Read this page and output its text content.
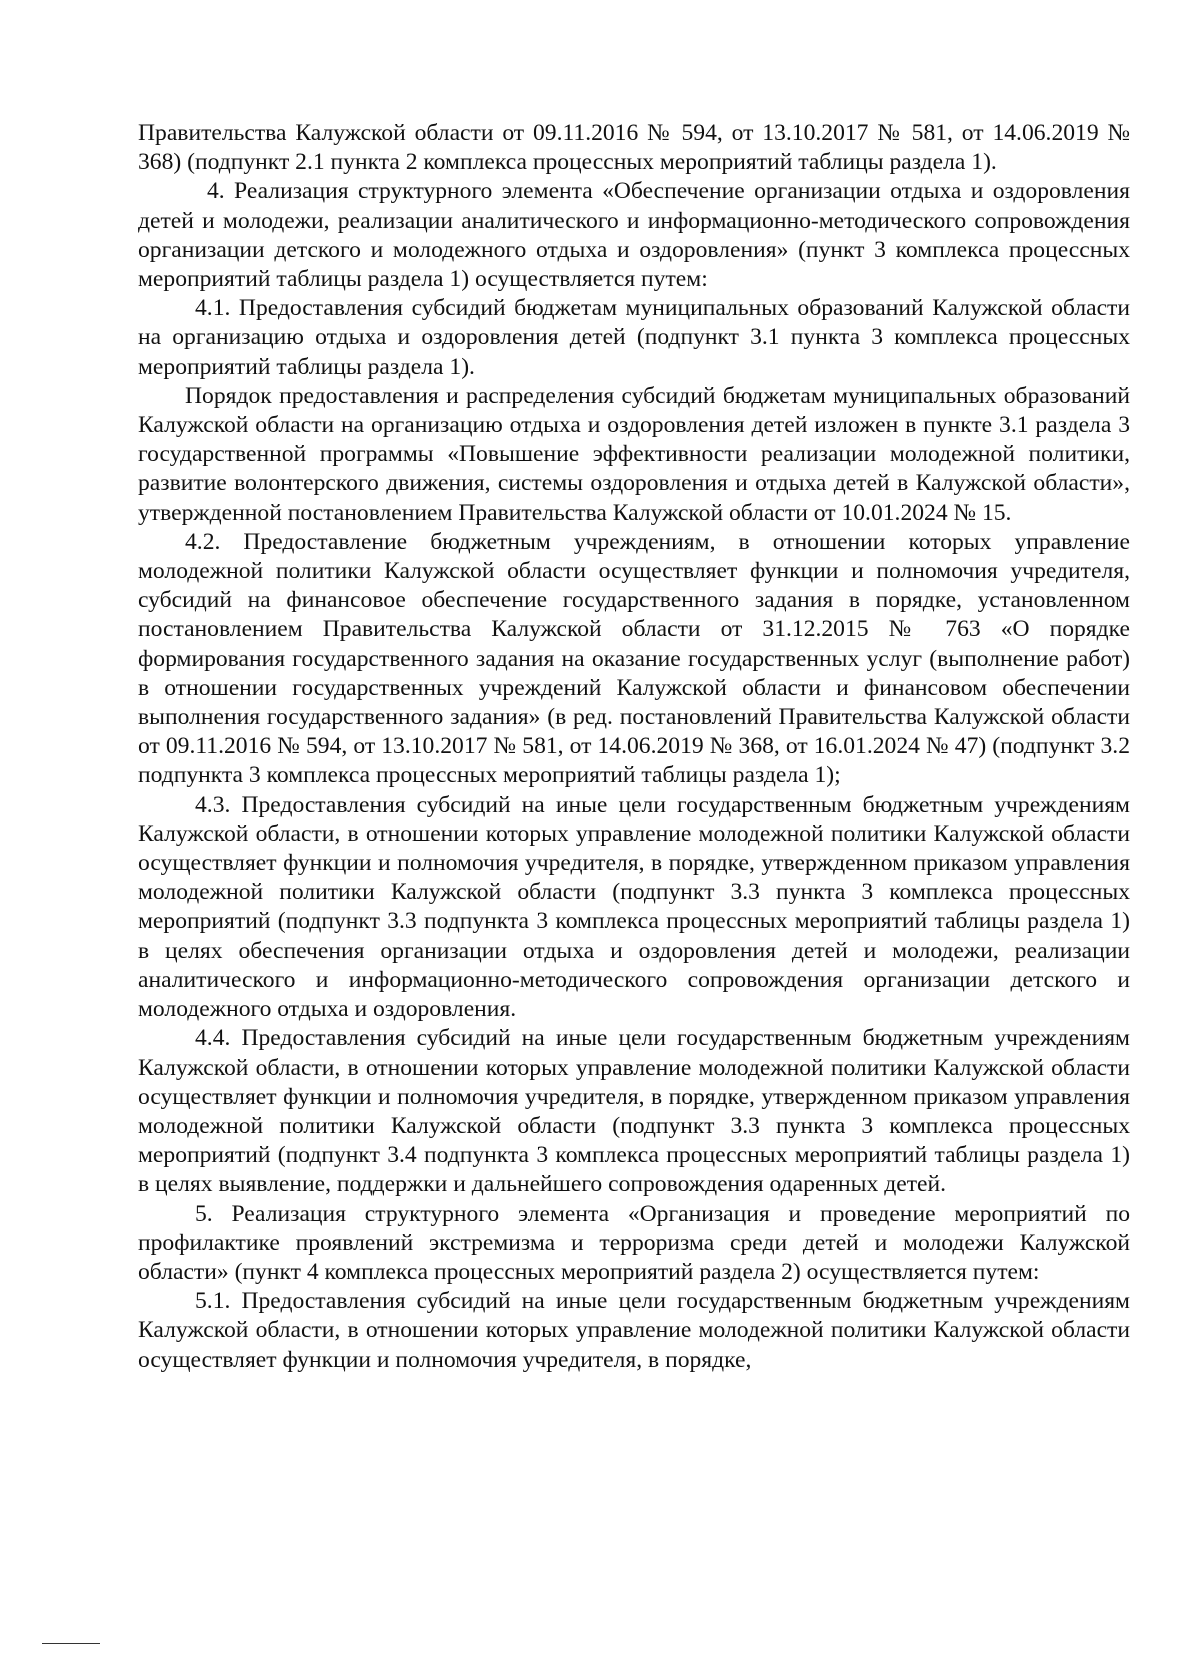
Правительства Калужской области от 09.11.2016 № 594, от 13.10.2017 № 581, от 14.06.2019 № 368) (подпункт 2.1 пункта 2 комплекса процессных мероприятий таблицы раздела 1).

4. Реализация структурного элемента «Обеспечение организации отдыха и оздоровления детей и молодежи, реализации аналитического и информационно-методического сопровождения организации детского и молодежного отдыха и оздоровления» (пункт 3 комплекса процессных мероприятий таблицы раздела 1) осуществляется путем:

4.1. Предоставления субсидий бюджетам муниципальных образований Калужской области на организацию отдыха и оздоровления детей (подпункт 3.1 пункта 3 комплекса процессных мероприятий таблицы раздела 1).

Порядок предоставления и распределения субсидий бюджетам муниципальных образований Калужской области на организацию отдыха и оздоровления детей изложен в пункте 3.1 раздела 3 государственной программы «Повышение эффективности реализации молодежной политики, развитие волонтерского движения, системы оздоровления и отдыха детей в Калужской области», утвержденной постановлением Правительства Калужской области от 10.01.2024 № 15.

4.2. Предоставление бюджетным учреждениям, в отношении которых управление молодежной политики Калужской области осуществляет функции и полномочия учредителя, субсидий на финансовое обеспечение государственного задания в порядке, установленном постановлением Правительства Калужской области от 31.12.2015 № 763 «О порядке формирования государственного задания на оказание государственных услуг (выполнение работ) в отношении государственных учреждений Калужской области и финансовом обеспечении выполнения государственного задания» (в ред. постановлений Правительства Калужской области от 09.11.2016 № 594, от 13.10.2017 № 581, от 14.06.2019 № 368, от 16.01.2024 № 47) (подпункт 3.2 подпункта 3 комплекса процессных мероприятий таблицы раздела 1);

4.3. Предоставления субсидий на иные цели государственным бюджетным учреждениям Калужской области, в отношении которых управление молодежной политики Калужской области осуществляет функции и полномочия учредителя, в порядке, утвержденном приказом управления молодежной политики Калужской области (подпункт 3.3 пункта 3 комплекса процессных мероприятий (подпункт 3.3 подпункта 3 комплекса процессных мероприятий таблицы раздела 1) в целях обеспечения организации отдыха и оздоровления детей и молодежи, реализации аналитического и информационно-методического сопровождения организации детского и молодежного отдыха и оздоровления.

4.4. Предоставления субсидий на иные цели государственным бюджетным учреждениям Калужской области, в отношении которых управление молодежной политики Калужской области осуществляет функции и полномочия учредителя, в порядке, утвержденном приказом управления молодежной политики Калужской области (подпункт 3.3 пункта 3 комплекса процессных мероприятий (подпункт 3.4 подпункта 3 комплекса процессных мероприятий таблицы раздела 1) в целях выявление, поддержки и дальнейшего сопровождения одаренных детей.

5. Реализация структурного элемента «Организация и проведение мероприятий по профилактике проявлений экстремизма и терроризма среди детей и молодежи Калужской области» (пункт 4 комплекса процессных мероприятий раздела 2) осуществляется путем:

5.1. Предоставления субсидий на иные цели государственным бюджетным учреждениям Калужской области, в отношении которых управление молодежной политики Калужской области осуществляет функции и полномочия учредителя, в порядке,
